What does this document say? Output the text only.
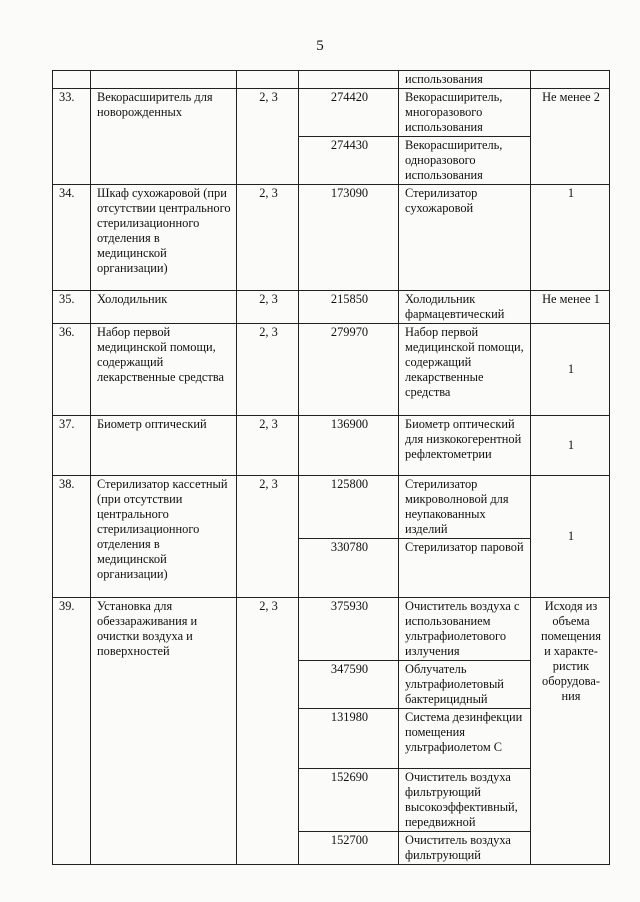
5
				использования	
33.	Векорасширитель для новорожденных	2, 3	274420	Векорасширитель, многоразового использования	Не менее 2
			274430	Векорасширитель, одноразового использования	
34.	Шкаф сухожаровой (при отсутствии центрального стерилизационного отделения в медицинской организации)	2, 3	173090	Стерилизатор сухожаровой	1
35.	Холодильник	2, 3	215850	Холодильник фармацевтический	Не менее 1
36.	Набор первой медицинской помощи, содержащий лекарственные средства	2, 3	279970	Набор первой медицинской помощи, содержащий лекарственные средства	1
37.	Биометр оптический	2, 3	136900	Биометр оптический для низкокогерентной рефлектометрии	1
38.	Стерилизатор кассетный (при отсутствии центрального стерилизационного отделения в медицинской организации)	2, 3	125800	Стерилизатор микроволновой для неупакованных изделий	1
			330780	Стерилизатор паровой	
39.	Установка для обеззараживания и очистки воздуха и поверхностей	2, 3	375930	Очиститель воздуха с использованием ультрафиолетового излучения	Исходя из объема помещения и характе-ристик оборудова-ния
			347590	Облучатель ультрафиолетовый бактерицидный	
			131980	Система дезинфекции помещения ультрафиолетом С	
			152690	Очиститель воздуха фильтрующий высокоэффективный, передвижной	
			152700	Очиститель воздуха фильтрующий	
